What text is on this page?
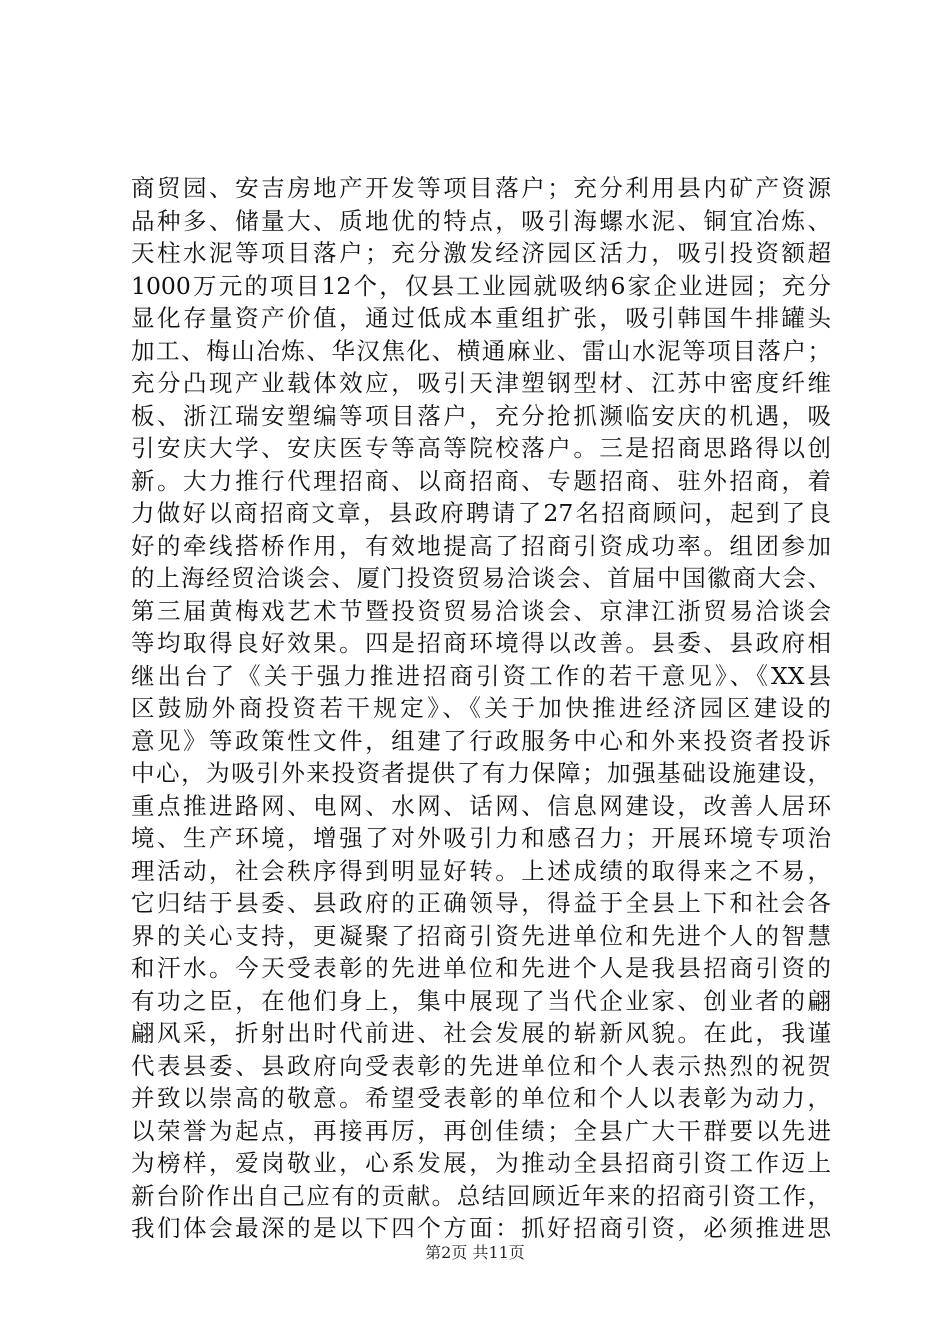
商贸园、安吉房地产开发等项目落户；充分利用县内矿产资源
品种多、储量大、质地优的特点，吸引海螺水泥、铜宜冶炼、
天柱水泥等项目落户；充分激发经济园区活力，吸引投资额超
1000万元的项目12个，仅县工业园就吸纳6家企业进园；充分
显化存量资产价值，通过低成本重组扩张，吸引韩国牛排罐头
加工、梅山冶炼、华汉焦化、横通麻业、雷山水泥等项目落户；
充分凸现产业载体效应，吸引天津塑钢型材、江苏中密度纤维
板、浙江瑞安塑编等项目落户，充分抢抓濒临安庆的机遇，吸
引安庆大学、安庆医专等高等院校落户。三是招商思路得以创
新。大力推行代理招商、以商招商、专题招商、驻外招商，着
力做好以商招商文章，县政府聘请了27名招商顾问，起到了良
好的牵线搭桥作用，有效地提高了招商引资成功率。组团参加
的上海经贸洽谈会、厦门投资贸易洽谈会、首届中国徽商大会、
第三届黄梅戏艺术节暨投资贸易洽谈会、京津江浙贸易洽谈会
等均取得良好效果。四是招商环境得以改善。县委、县政府相
继出台了《关于强力推进招商引资工作的若干意见》、《XX县
区鼓励外商投资若干规定》、《关于加快推进经济园区建设的
意见》等政策性文件，组建了行政服务中心和外来投资者投诉
中心，为吸引外来投资者提供了有力保障；加强基础设施建设，
重点推进路网、电网、水网、话网、信息网建设，改善人居环
境、生产环境，增强了对外吸引力和感召力；开展环境专项治
理活动，社会秩序得到明显好转。上述成绩的取得来之不易，
它归结于县委、县政府的正确领导，得益于全县上下和社会各
界的关心支持，更凝聚了招商引资先进单位和先进个人的智慧
和汗水。今天受表彰的先进单位和先进个人是我县招商引资的
有功之臣，在他们身上，集中展现了当代企业家、创业者的翩
翩风采，折射出时代前进、社会发展的崭新风貌。在此，我谨
代表县委、县政府向受表彰的先进单位和个人表示热烈的祝贺
并致以崇高的敬意。希望受表彰的单位和个人以表彰为动力，
以荣誉为起点，再接再厉，再创佳绩；全县广大干群要以先进
为榜样，爱岗敬业，心系发展，为推动全县招商引资工作迈上
新台阶作出自己应有的贡献。总结回顾近年来的招商引资工作，
我们体会最深的是以下四个方面：抓好招商引资，必须推进思
第2页 共11页
